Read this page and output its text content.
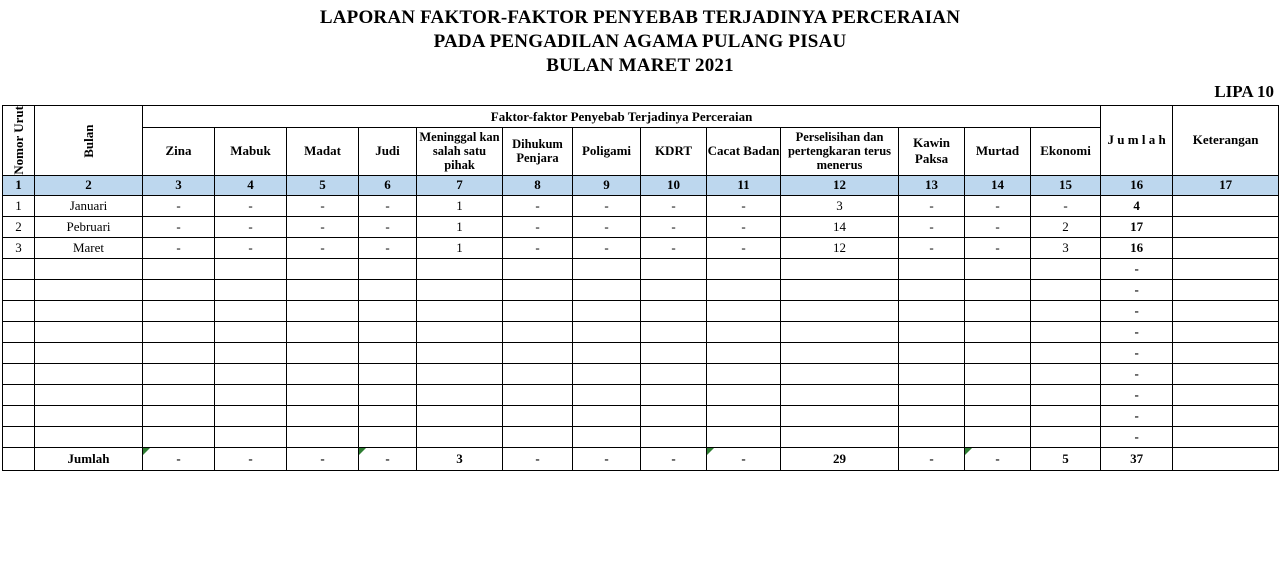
LAPORAN FAKTOR-FAKTOR PENYEBAB TERJADINYA PERCERAIAN
PADA PENGADILAN AGAMA PULANG PISAU
BULAN MARET 2021
LIPA 10
Nomor Urut	Bulan	Faktor-faktor Penyebab Terjadinya Perceraian													J u m l a h	Keterangan
		Zina	Mabuk	Madat	Judi	Meninggal kan salah satu pihak	Dihukum Penjara	Poligami	KDRT	Cacat Badan	Perselisihan dan pertengkaran terus menerus	Kawin Paksa	Murtad	Ekonomi		
1	2	3	4	5	6	7	8	9	10	11	12	13	14	15	16	17
1	Januari	-	-	-	-	1	-	-	-	-	3	-	-	-	4	
2	Pebruari	-	-	-	-	1	-	-	-	-	14	-	-	2	17	
3	Maret	-	-	-	-	1	-	-	-	-	12	-	-	3	16	
															-	
															-	
															-	
															-	
															-	
															-	
															-	
															-	
															-	
	Jumlah	-	-	-	-	3	-	-	-	-	29	-	-	5	37	
